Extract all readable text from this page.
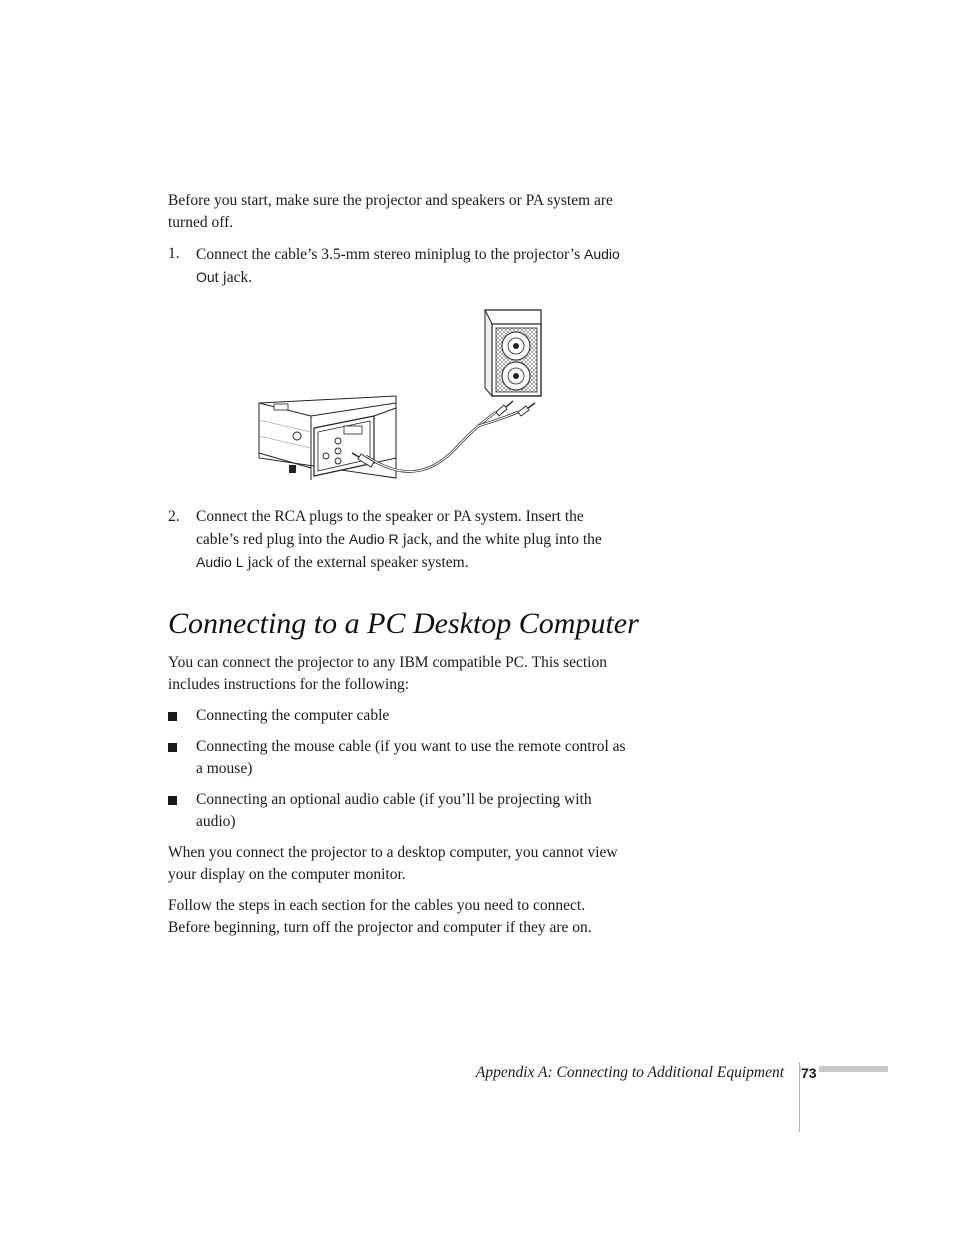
Before you start, make sure the projector and speakers or PA system are turned off.

1. Connect the cable’s 3.5-mm stereo miniplug to the projector’s Audio Out jack.
2. Connect the RCA plugs to the speaker or PA system. Insert the cable’s red plug into the Audio R jack, and the white plug into the Audio L jack of the external speaker system.
Connecting to a PC Desktop Computer

You can connect the projector to any IBM compatible PC. This section includes instructions for the following:

Connecting the computer cable
Connecting the mouse cable (if you want to use the remote control as a mouse)
Connecting an optional audio cable (if you’ll be projecting with audio)

When you connect the projector to a desktop computer, you cannot view your display on the computer monitor.

Follow the steps in each section for the cables you need to connect. Before beginning, turn off the projector and computer if they are on.

Appendix A: Connecting to Additional Equipment 73
